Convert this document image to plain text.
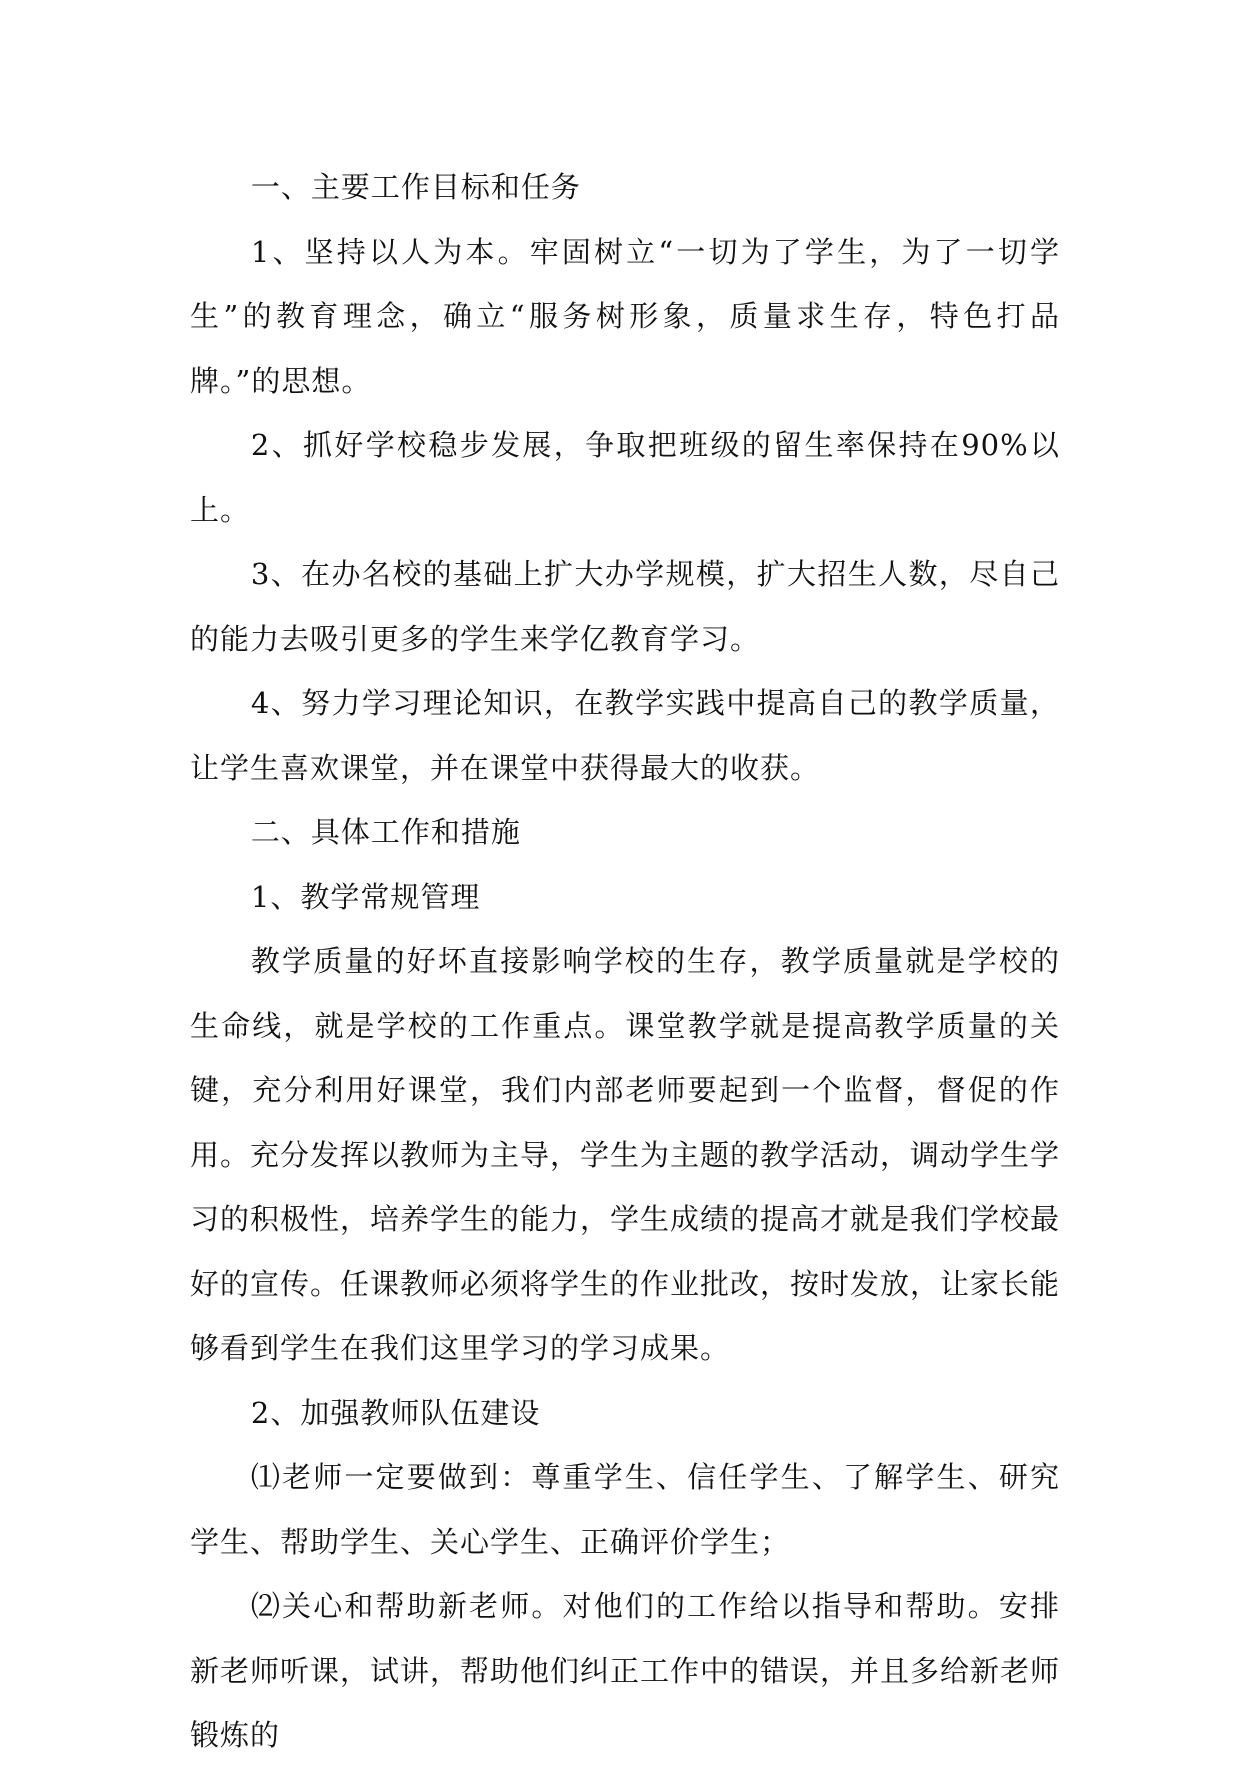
一、主要工作目标和任务

1、坚持以人为本。牢固树立“一切为了学生，为了一切学生”的教育理念，确立“服务树形象，质量求生存，特色打品牌。”的思想。

2、抓好学校稳步发展，争取把班级的留生率保持在90%以上。

3、在办名校的基础上扩大办学规模，扩大招生人数，尽自己的能力去吸引更多的学生来学亿教育学习。

4、努力学习理论知识，在教学实践中提高自己的教学质量，让学生喜欢课堂，并在课堂中获得最大的收获。

二、具体工作和措施

1、教学常规管理

教学质量的好坏直接影响学校的生存，教学质量就是学校的生命线，就是学校的工作重点。课堂教学就是提高教学质量的关键，充分利用好课堂，我们内部老师要起到一个监督，督促的作用。充分发挥以教师为主导，学生为主题的教学活动，调动学生学习的积极性，培养学生的能力，学生成绩的提高才就是我们学校最好的宣传。任课教师必须将学生的作业批改，按时发放，让家长能够看到学生在我们这里学习的学习成果。

2、加强教师队伍建设

⑴老师一定要做到：尊重学生、信任学生、了解学生、研究学生、帮助学生、关心学生、正确评价学生；

⑵关心和帮助新老师。对他们的工作给以指导和帮助。安排新老师听课，试讲，帮助他们纠正工作中的错误，并且多给新老师锻炼的
